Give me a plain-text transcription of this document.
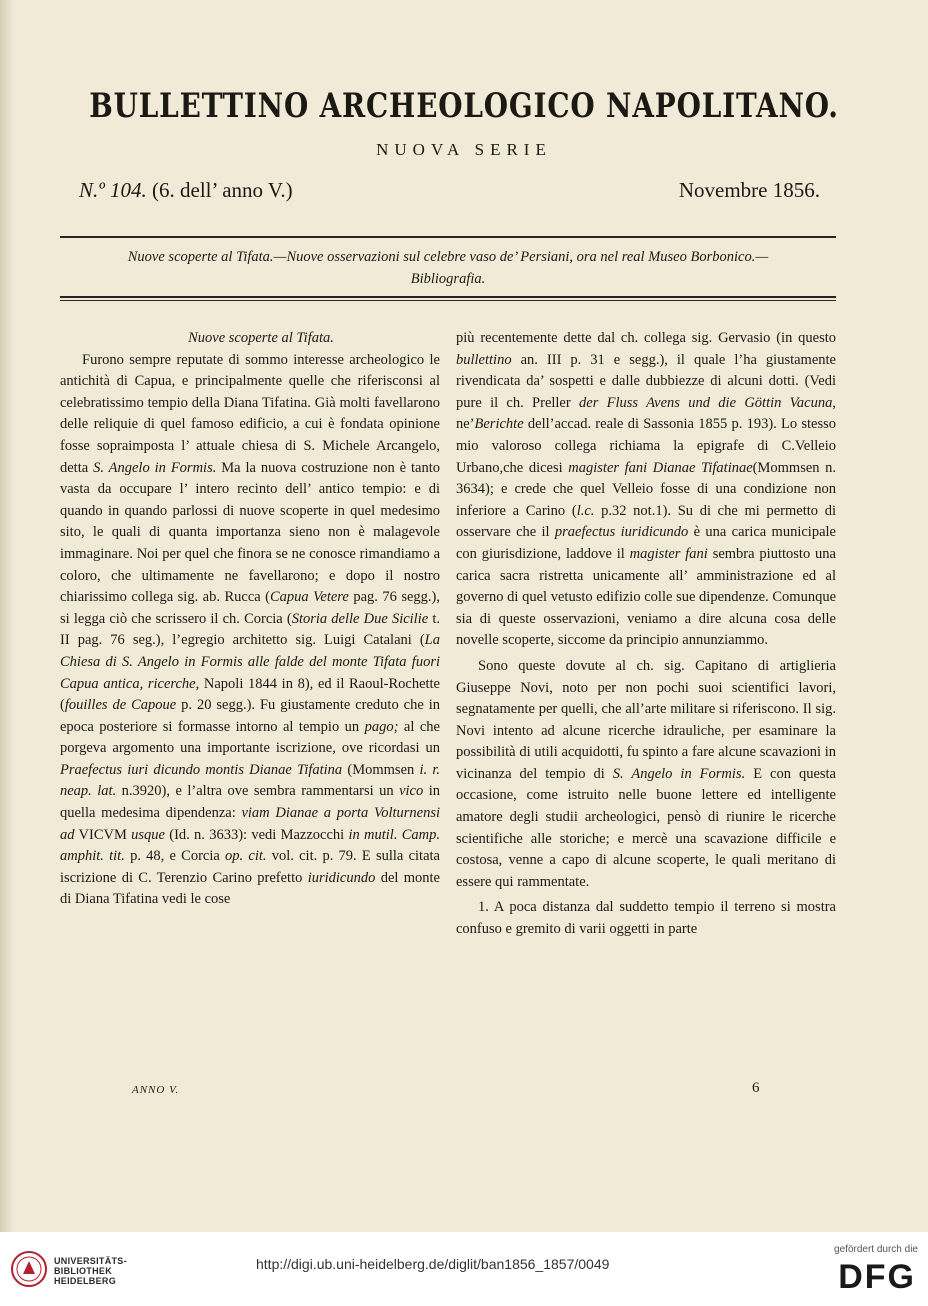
BULLETTINO ARCHEOLOGICO NAPOLITANO.
NUOVA SERIE
N.º 104. (6. dell’ anno V.)	Novembre 1856.
Nuove scoperte al Tifata.—Nuove osservazioni sul celebre vaso de’ Persiani, ora nel real Museo Borbonico.—
Bibliografia.

Nuove scoperte al Tifata.

Furono sempre reputate di sommo interesse archeologico le antichità di Capua, e principalmente quelle che riferisconsi al celebratissimo tempio della Diana Tifatina. Già molti favellarono delle reliquie di quel famoso edificio, a cui è fondata opinione fosse sopraimposta l’ attuale chiesa di S. Michele Arcangelo, detta S. Angelo in Formis. Ma la nuova costruzione non è tanto vasta da occupare l’ intero recinto dell’ antico tempio: e di quando in quando parlossi di nuove scoperte in quel medesimo sito, le quali di quanta importanza sieno non è malagevole immaginare. Noi per quel che finora se ne conosce rimandiamo a coloro, che ultimamente ne favellarono; e dopo il nostro chiarissimo collega sig. ab. Rucca (Capua Vetere pag. 76 segg.), si legga ciò che scrissero il ch. Corcia (Storia delle Due Sicilie t. II pag. 76 seg.), l’egregio architetto sig. Luigi Catalani (La Chiesa di S. Angelo in Formis alle falde del monte Tifata fuori Capua antica, ricerche, Napoli 1844 in 8), ed il Raoul-Rochette (fouilles de Capoue p. 20 segg.). Fu giustamente creduto che in epoca posteriore si formasse intorno al tempio un pago; al che porgeva argomento una importante iscrizione, ove ricordasi un Praefectus iuri dicundo montis Dianae Tifatina (Mommsen i. r. neap. lat. n.3920), e l’altra ove sembra rammentarsi un vico in quella medesima dipendenza: viam Dianae a porta Volturnensi ad VICVM usque (Id. n. 3633): vedi Mazzocchi in mutil. Camp. amphit. tit. p. 48, e Corcia op. cit. vol. cit. p. 79. E sulla citata iscrizione di C. Terenzio Carino prefetto iuridicundo del monte di Diana Tifatina vedi le cose

più recentemente dette dal ch. collega sig. Gervasio (in questo bullettino an. III p. 31 e segg.), il quale l’ha giustamente rivendicata da’ sospetti e dalle dubbiezze di alcuni dotti. (Vedi pure il ch. Preller der Fluss Avens und die Göttin Vacuna, ne’Berichte dell’accad. reale di Sassonia 1855 p. 193). Lo stesso mio valoroso collega richiama la epigrafe di C.Velleio Urbano,che dicesi magister fani Dianae Tifatinae(Mommsen n. 3634); e crede che quel Velleio fosse di una condizione non inferiore a Carino (l.c. p.32 not.1). Su di che mi permetto di osservare che il praefectus iuridicundo è una carica municipale con giurisdizione, laddove il magister fani sembra piuttosto una carica sacra ristretta unicamente all’ amministrazione ed al governo di quel vetusto edifizio colle sue dipendenze. Comunque sia di queste osservazioni, veniamo a dire alcuna cosa delle novelle scoperte, siccome da principio annunziammo.

Sono queste dovute al ch. sig. Capitano di artiglieria Giuseppe Novi, noto per non pochi suoi scientifici lavori, segnatamente per quelli, che all’arte militare si riferiscono. Il sig. Novi intento ad alcune ricerche idrauliche, per esaminare la possibilità di utili acquidotti, fu spinto a fare alcune scavazioni in vicinanza del tempio di S. Angelo in Formis. E con questa occasione, come istruito nelle buone lettere ed intelligente amatore degli studii archeologici, pensò di riunire le ricerche scientifiche alle storiche; e mercè una scavazione difficile e costosa, venne a capo di alcune scoperte, le quali meritano di essere qui rammentate.

1. A poca distanza dal suddetto tempio il terreno si mostra confuso e gremito di varii oggetti in parte

ANNO V.	6
UNIVERSITÄTS-
BIBLIOTHEK
HEIDELBERG
http://digi.ub.uni-heidelberg.de/diglit/ban1856_1857/0049
gefördert durch die
DFG
